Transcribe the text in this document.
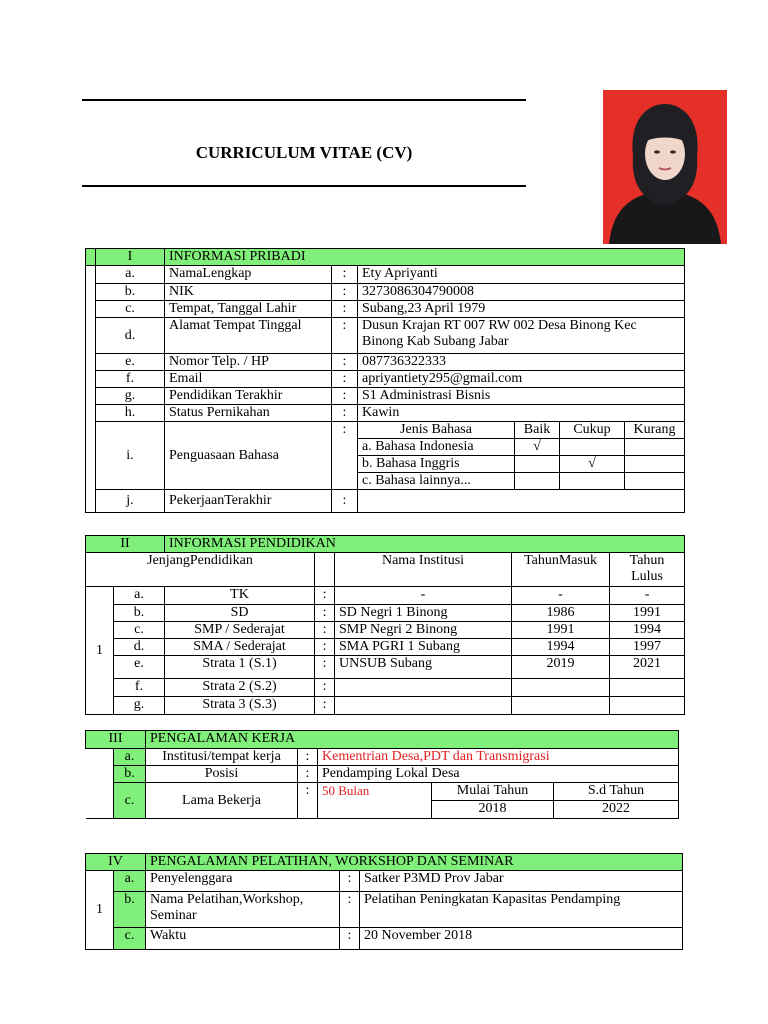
CURRICULUM VITAE (CV)
	I	INFORMASI PRIBADI					
	a.	NamaLengkap	:	Ety Apriyanti			
	b.	NIK	:	3273086304790008			
	c.	Tempat, Tanggal Lahir	:	Subang,23 April 1979			
	d.	Alamat Tempat Tinggal	:	Dusun Krajan RT 007 RW 002 Desa Binong Kec Binong Kab Subang Jabar			
	e.	Nomor Telp. / HP	:	087736322333			
	f.	Email	:	apriyantiety295@gmail.com			
	g.	Pendidikan Terakhir	:	S1 Administrasi Bisnis			
	h.	Status Pernikahan	:	Kawin			
	i.	Penguasaan Bahasa	:	Jenis Bahasa	Baik	Cukup	Kurang
				a. Bahasa Indonesia	√		
				b. Bahasa Inggris		√	
				c. Bahasa lainnya...			
	j.	PekerjaanTerakhir	:				
II		INFORMASI PENDIDIKAN				
JenjangPendidikan				Nama Institusi	TahunMasuk	Tahun Lulus
1	a.	TK	:	-	-	-
	b.	SD	:	SD Negri 1 Binong	1986	1991
	c.	SMP / Sederajat	:	SMP Negri 2 Binong	1991	1994
	d.	SMA / Sederajat	:	SMA PGRI 1 Subang	1994	1997
	e.	Strata 1 (S.1)	:	UNSUB Subang	2019	2021
	f.	Strata 2 (S.2)	:			
	g.	Strata 3 (S.3)	:			
III		PENGALAMAN KERJA				
	a.	Institusi/tempat kerja	:	Kementrian Desa,PDT dan Transmigrasi		
	b.	Posisi	:	Pendamping Lokal Desa		
	c.	Lama Bekerja	:	50 Bulan	Mulai Tahun	S.d Tahun
					2018	2022
IV		PENGALAMAN PELATIHAN, WORKSHOP DAN SEMINAR		
1	a.	Penyelenggara	:	Satker P3MD Prov Jabar
	b.	Nama Pelatihan,Workshop, Seminar	:	Pelatihan Peningkatan Kapasitas Pendamping
	c.	Waktu	:	20 November 2018
